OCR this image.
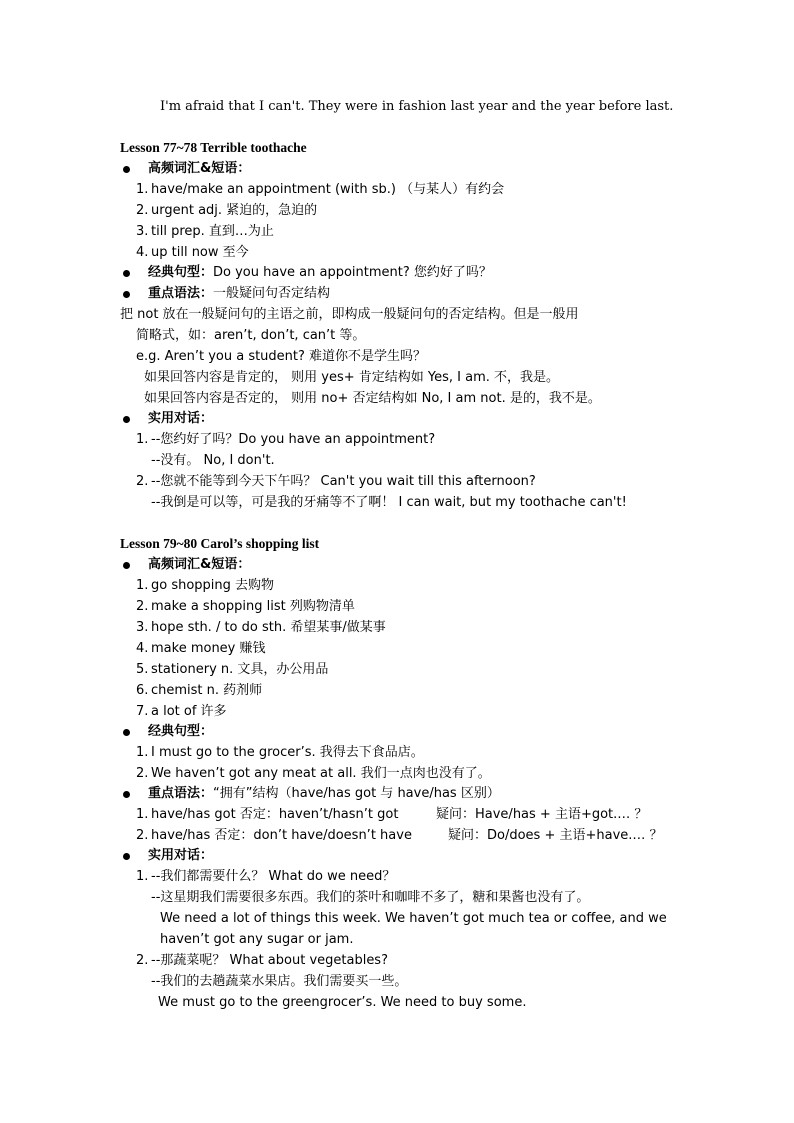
I'm afraid that I can't. They were in fashion last year and the year before last.
Lesson 77~78 Terrible toothache
高频词汇&短语：
1. have/make an appointment (with sb.) （与某人）有约会
2. urgent adj. 紧迫的，急迫的
3. till prep. 直到…为止
4. up till now 至今
经典句型：Do you have an appointment? 您约好了吗？
重点语法：一般疑问句否定结构
把 not 放在一般疑问句的主语之前，即构成一般疑问句的否定结构。但是一般用
简略式，如：aren’t, don’t, can’t 等。
e.g. Aren’t you a student? 难道你不是学生吗？
如果回答内容是肯定的， 则用 yes+ 肯定结构如 Yes, I am. 不，我是。
如果回答内容是否定的， 则用 no+ 否定结构如 No, I am not. 是的，我不是。
实用对话：
1. --您约好了吗？Do you have an appointment?
--没有。 No, I don't.
2. --您就不能等到今天下午吗？ Can't you wait till this afternoon?
--我倒是可以等，可是我的牙痛等不了啊！ I can wait, but my toothache can't!
Lesson 79~80 Carol’s shopping list
高频词汇&短语：
1. go shopping 去购物
2. make a shopping list 列购物清单
3. hope sth. / to do sth. 希望某事/做某事
4. make money 赚钱
5. stationery n. 文具，办公用品
6. chemist n. 药剂师
7. a lot of 许多
经典句型：
1. I must go to the grocer’s. 我得去下食品店。
2. We haven’t got any meat at all. 我们一点肉也没有了。
重点语法：“拥有”结构（have/has got 与 have/has 区别）
1. have/has got 否定：haven’t/hasn’t got	疑问：Have/has + 主语+got.… ？
2. have/has 否定：don’t have/doesn’t have	疑问：Do/does + 主语+have.… ？
实用对话：
1. --我们都需要什么？ What do we need？
--这星期我们需要很多东西。我们的茶叶和咖啡不多了，糖和果酱也没有了。
We need a lot of things this week. We haven’t got much tea or coffee, and we
haven’t got any sugar or jam.
2. --那蔬菜呢？ What about vegetables?
--我们的去趟蔬菜水果店。我们需要买一些。
We must go to the greengrocer’s. We need to buy some.
